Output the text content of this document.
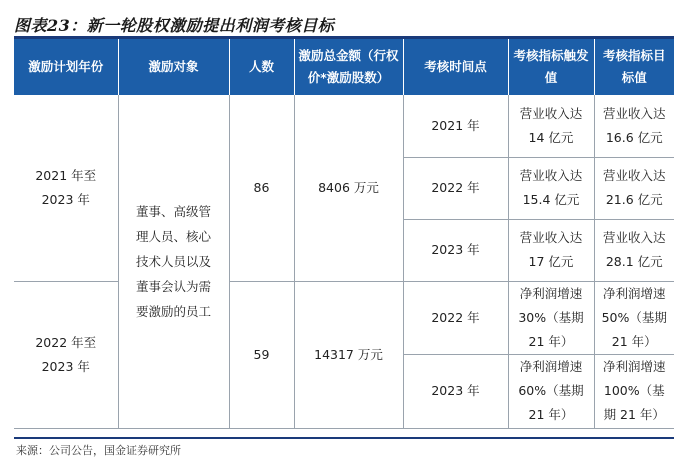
图表23：新一轮股权激励提出利润考核目标
激励计划年份	激励对象	人数	激励总金额（行权价*激励股数）	考核时间点	考核指标触发值	考核指标目标值
2021 年至 2023 年	董事、高级管理人员、核心技术人员以及董事会认为需要激励的员工	86	8406 万元	2021 年	营业收入达 14 亿元	营业收入达 16.6 亿元
				2022 年	营业收入达 15.4 亿元	营业收入达 21.6 亿元
				2023 年	营业收入达 17 亿元	营业收入达 28.1 亿元
2022 年至 2023 年		59	14317 万元	2022 年	净利润增速 30%（基期 21 年）	净利润增速 50%（基期 21 年）
				2023 年	净利润增速 60%（基期 21 年）	净利润增速 100%（基期 21 年）
来源：公司公告，国金证券研究所
